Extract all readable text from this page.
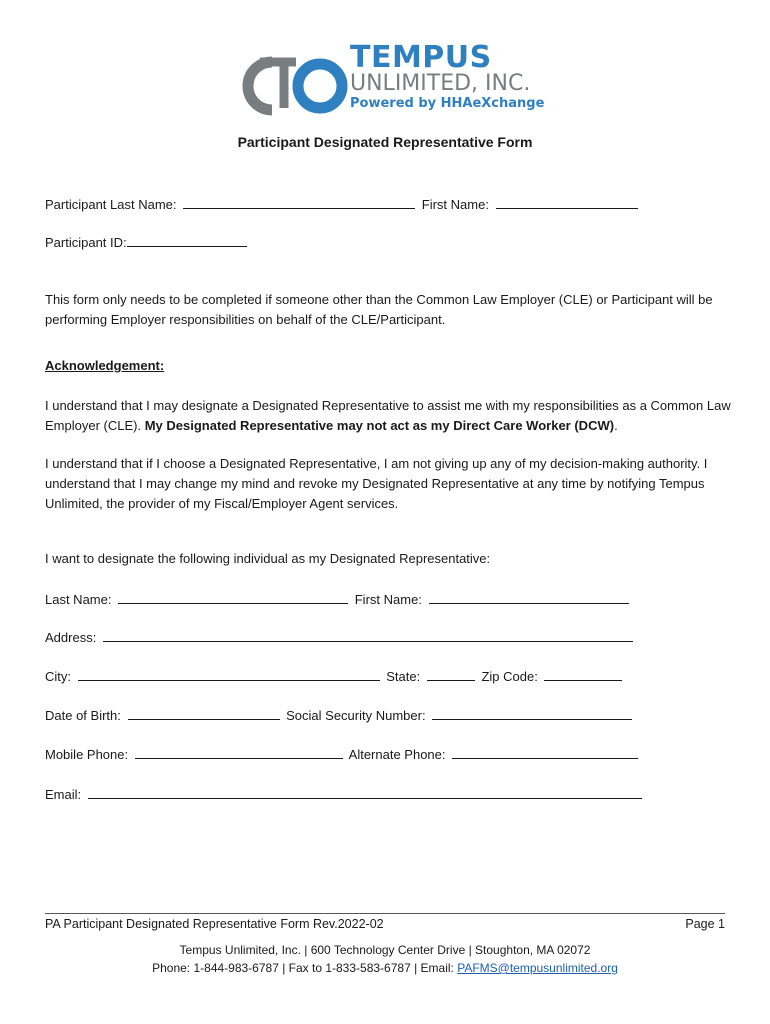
TEMPUS
UNLIMITED, INC.
Powered by HHAeXchange
Participant Designated Representative Form
Participant Last Name:	First Name:
Participant ID:
This form only needs to be completed if someone other than the Common Law Employer (CLE) or Participant will be performing Employer responsibilities on behalf of the CLE/Participant.
Acknowledgement:
I understand that I may designate a Designated Representative to assist me with my responsibilities as a Common Law Employer (CLE). My Designated Representative may not act as my Direct Care Worker (DCW).
I understand that if I choose a Designated Representative, I am not giving up any of my decision-making authority. I understand that I may change my mind and revoke my Designated Representative at any time by notifying Tempus Unlimited, the provider of my Fiscal/Employer Agent services.
I want to designate the following individual as my Designated Representative:
Last Name:	First Name:
Address:
City:	State:	Zip Code:
Date of Birth:	Social Security Number:
Mobile Phone:	Alternate Phone:
Email:
PA Participant Designated Representative Form Rev.2022-02	Page 1
Tempus Unlimited, Inc. | 600 Technology Center Drive | Stoughton, MA 02072
Phone: 1-844-983-6787 | Fax to 1-833-583-6787 | Email: PAFMS@tempusunlimited.org
